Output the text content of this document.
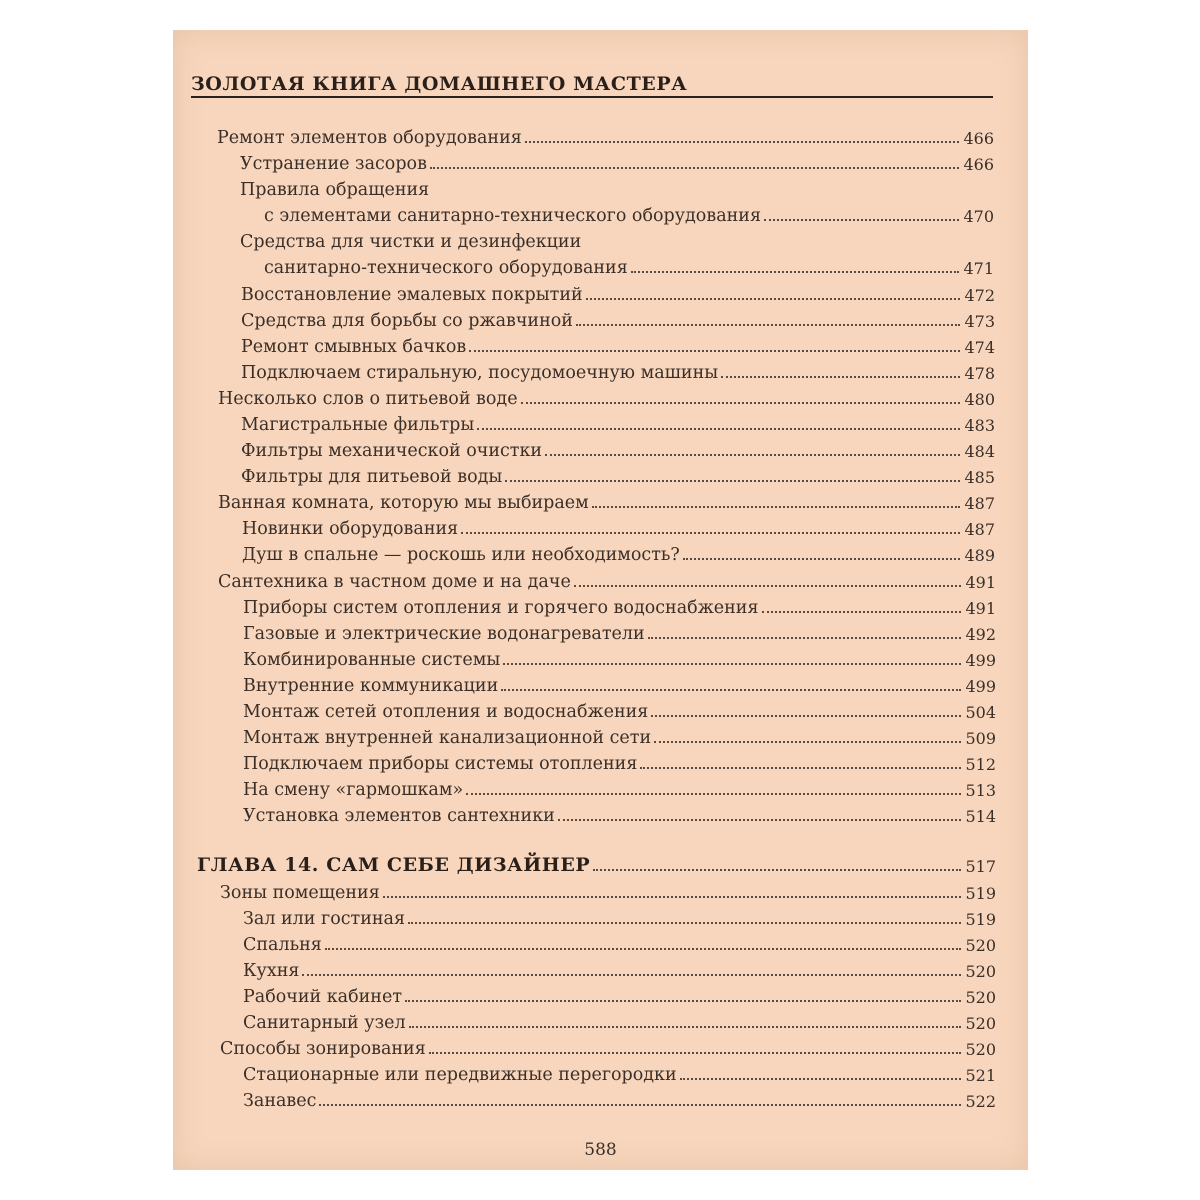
ЗОЛОТАЯ КНИГА ДОМАШНЕГО МАСТЕРА
Ремонт элементов оборудования	466
Устранение засоров	466
Правила обращения
с элементами санитарно-технического оборудования	470
Средства для чистки и дезинфекции
санитарно-технического оборудования	471
Восстановление эмалевых покрытий	472
Средства для борьбы со ржавчиной	473
Ремонт смывных бачков	474
Подключаем стиральную, посудомоечную машины	478
Несколько слов о питьевой воде	480
Магистральные фильтры	483
Фильтры механической очистки	484
Фильтры для питьевой воды	485
Ванная комната, которую мы выбираем	487
Новинки оборудования	487
Душ в спальне — роскошь или необходимость?	489
Сантехника в частном доме и на даче	491
Приборы систем отопления и горячего водоснабжения	491
Газовые и электрические водонагреватели	492
Комбинированные системы	499
Внутренние коммуникации	499
Монтаж сетей отопления и водоснабжения	504
Монтаж внутренней канализационной сети	509
Подключаем приборы системы отопления	512
На смену «гармошкам»	513
Установка элементов сантехники	514
ГЛАВА 14. САМ СЕБЕ ДИЗАЙНЕР	517
Зоны помещения	519
Зал или гостиная	519
Спальня	520
Кухня	520
Рабочий кабинет	520
Санитарный узел	520
Способы зонирования	520
Стационарные или передвижные перегородки	521
Занавес	522
588
